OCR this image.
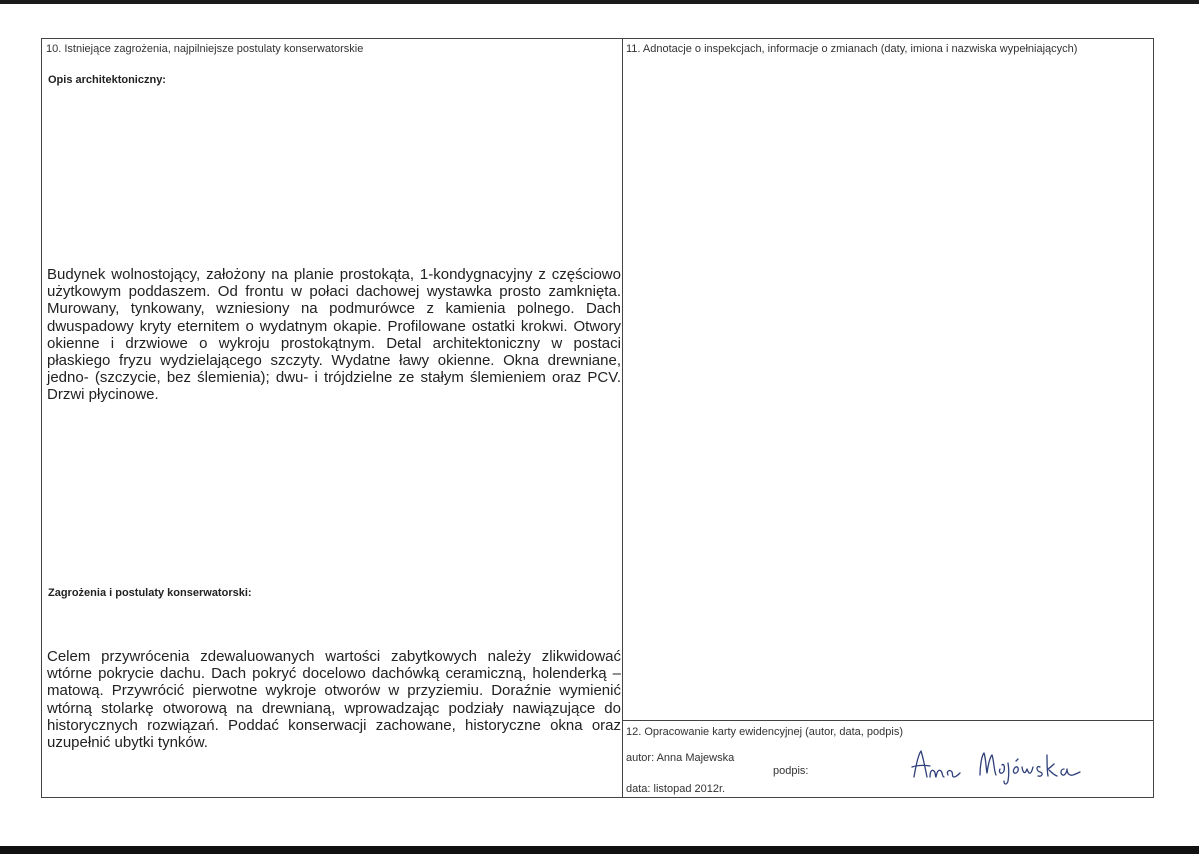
10. Istniejące zagrożenia, najpilniejsze postulaty konserwatorskie
Opis architektoniczny:
Budynek wolnostojący, założony na planie prostokąta, 1-kondygnacyjny z częściowo użytkowym poddaszem. Od frontu w połaci dachowej wystawka prosto zamknięta. Murowany, tynkowany, wzniesiony na podmurówce z kamienia polnego. Dach dwuspadowy kryty eternitem o wydatnym okapie. Profilowane ostatki krokwi. Otwory okienne i drzwiowe o wykroju prostokątnym. Detal architektoniczny w postaci płaskiego fryzu wydzielającego szczyty. Wydatne ławy okienne. Okna drewniane, jedno- (szczycie, bez ślemienia); dwu- i trójdzielne ze stałym ślemieniem oraz PCV. Drzwi płycinowe.
Zagrożenia i postulaty konserwatorski:
Celem przywrócenia zdewaluowanych wartości zabytkowych należy zlikwidować wtórne pokrycie dachu. Dach pokryć docelowo dachówką ceramiczną, holenderką – matową. Przywrócić pierwotne wykroje otworów w przyziemiu. Doraźnie wymienić wtórną stolarkę otworową na drewnianą, wprowadzając podziały nawiązujące do historycznych rozwiązań. Poddać konserwacji zachowane, historyczne okna oraz uzupełnić ubytki tynków.
11. Adnotacje o inspekcjach, informacje o zmianach (daty, imiona i nazwiska wypełniających)
12. Opracowanie karty ewidencyjnej (autor, data, podpis)
autor: Anna Majewska
podpis:
data: listopad 2012r.
